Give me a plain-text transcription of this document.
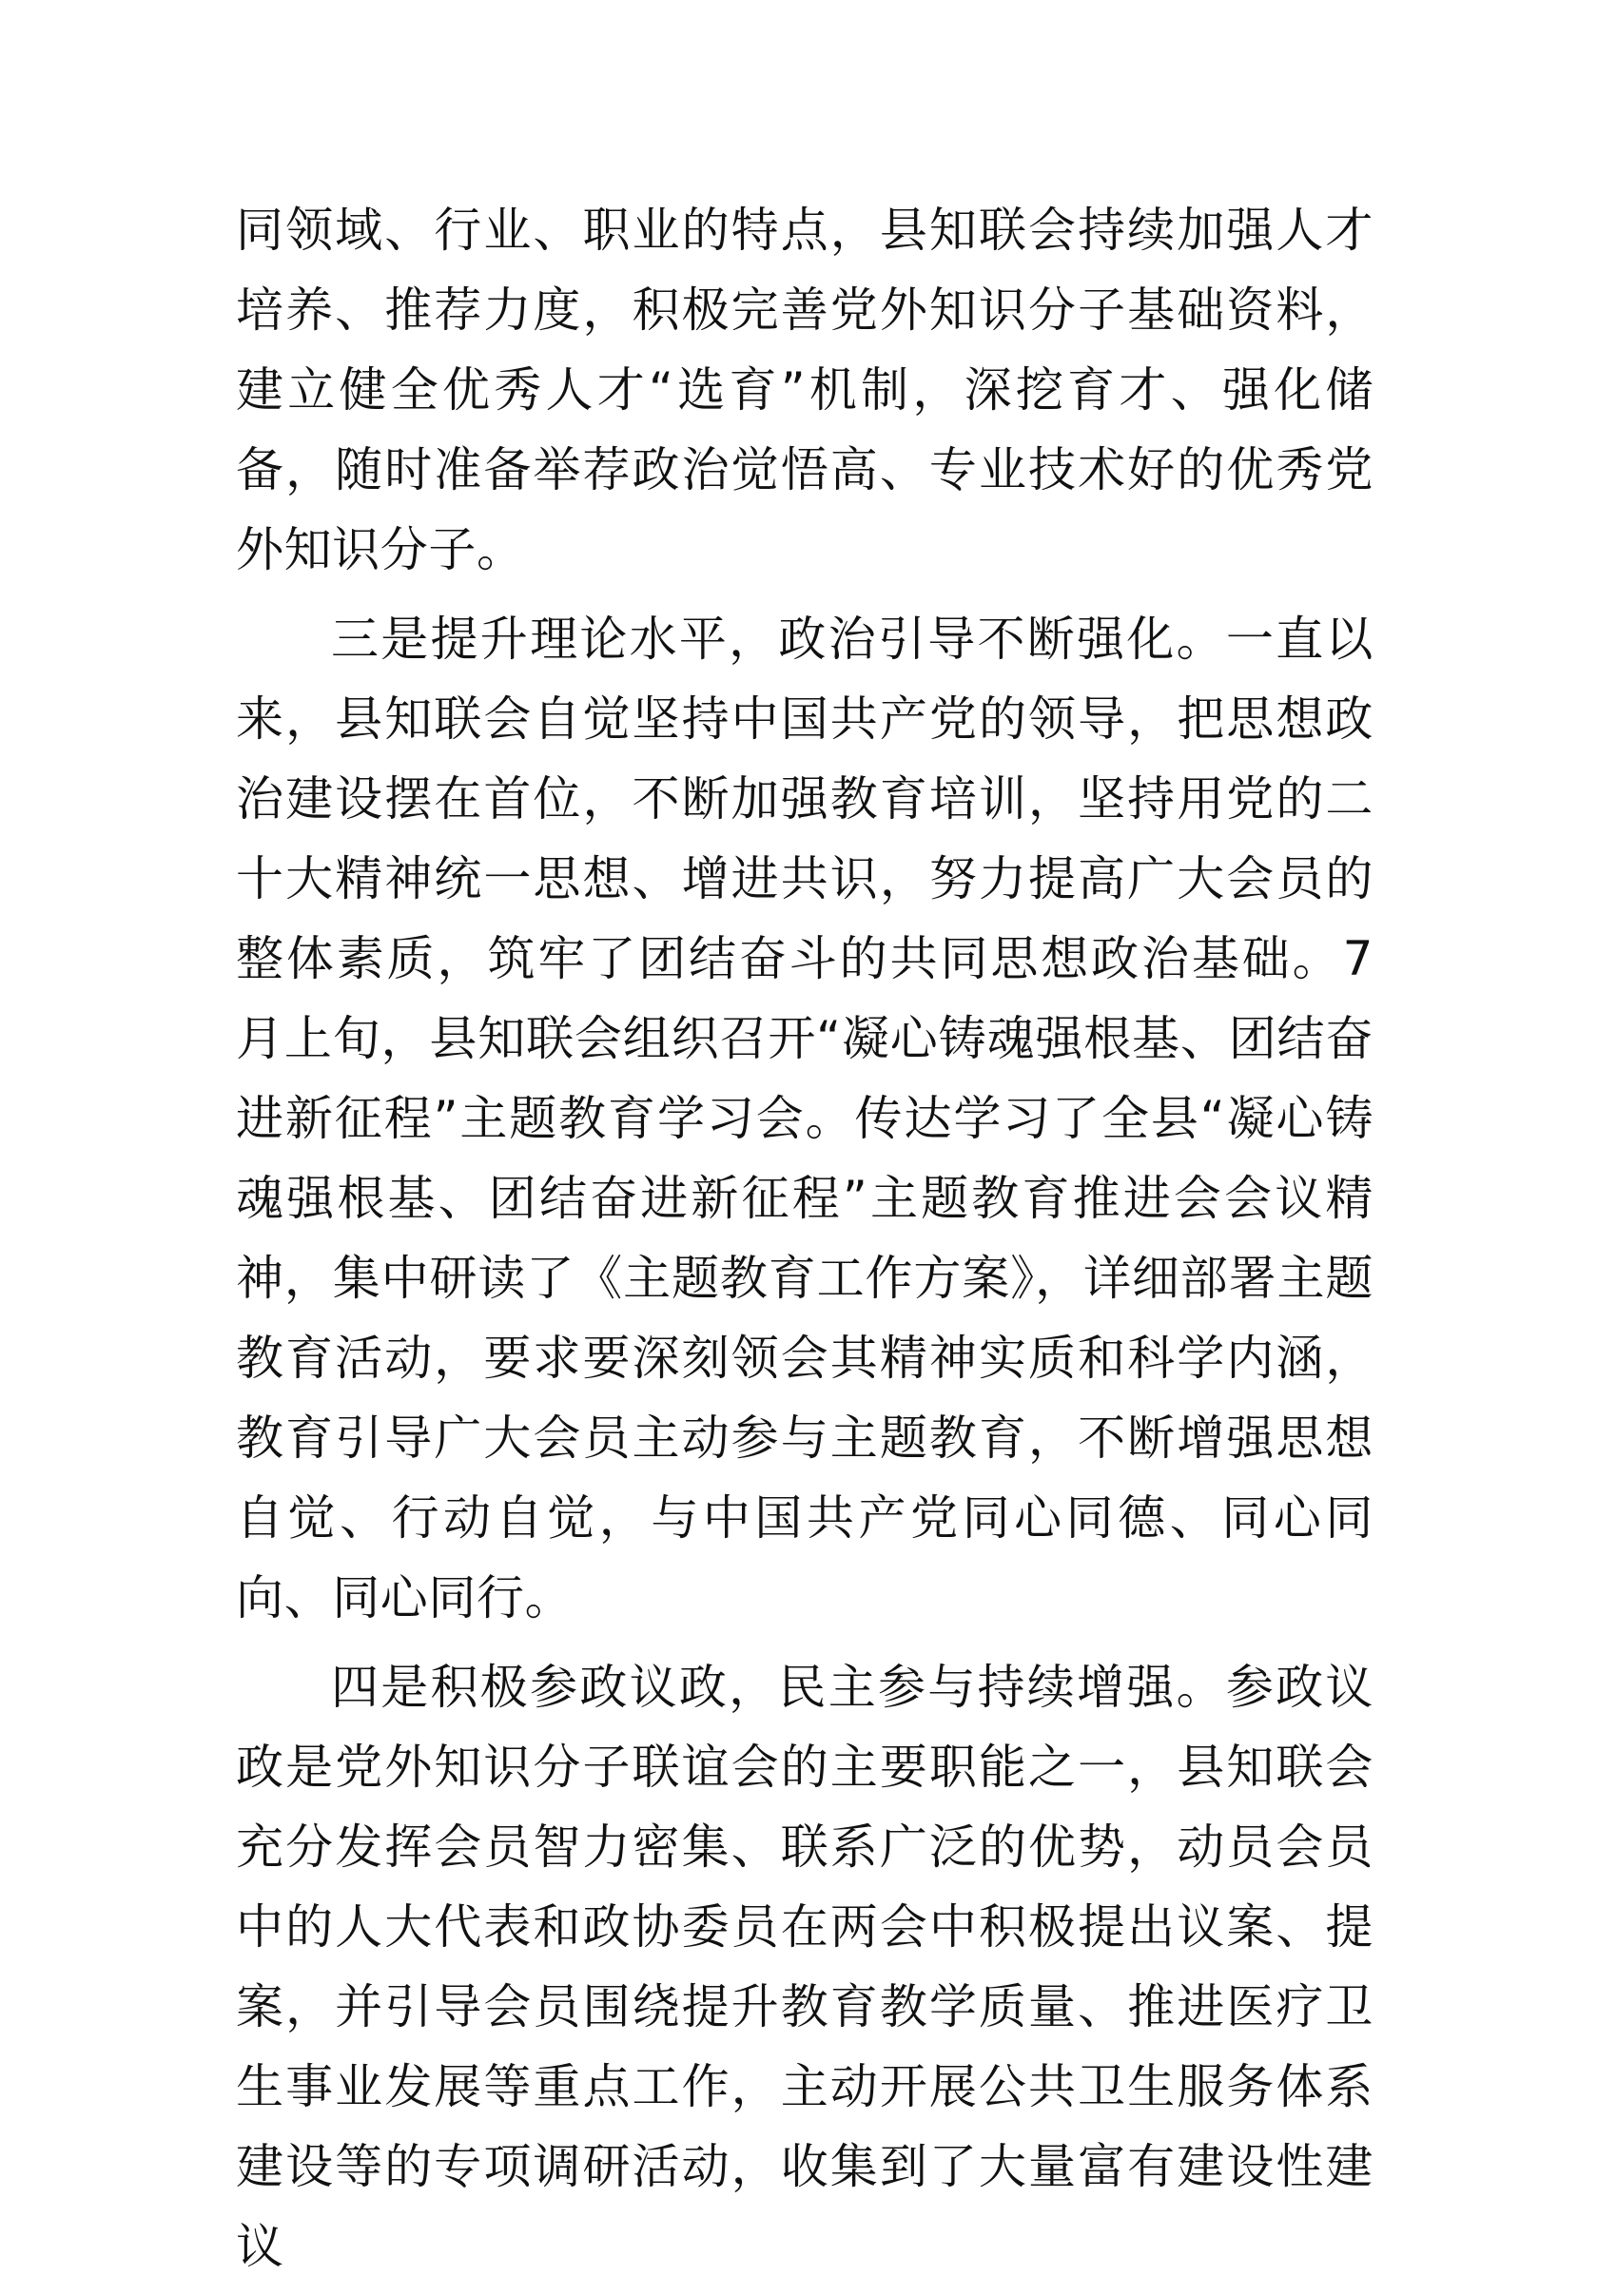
同领域、行业、职业的特点，县知联会持续加强人才培养、推荐力度，积极完善党外知识分子基础资料，建立健全优秀人才“选育”机制，深挖育才、强化储备，随时准备举荐政治觉悟高、专业技术好的优秀党外知识分子。

三是提升理论水平，政治引导不断强化。一直以来，县知联会自觉坚持中国共产党的领导，把思想政治建设摆在首位，不断加强教育培训，坚持用党的二十大精神统一思想、增进共识，努力提高广大会员的整体素质，筑牢了团结奋斗的共同思想政治基础。7 月上旬，县知联会组织召开“凝心铸魂强根基、团结奋进新征程”主题教育学习会。传达学习了全县“凝心铸魂强根基、团结奋进新征程”主题教育推进会会议精神，集中研读了《主题教育工作方案》，详细部署主题教育活动，要求要深刻领会其精神实质和科学内涵，教育引导广大会员主动参与主题教育，不断增强思想自觉、行动自觉，与中国共产党同心同德、同心同向、同心同行。

四是积极参政议政，民主参与持续增强。参政议政是党外知识分子联谊会的主要职能之一，县知联会充分发挥会员智力密集、联系广泛的优势，动员会员中的人大代表和政协委员在两会中积极提出议案、提案，并引导会员围绕提升教育教学质量、推进医疗卫生事业发展等重点工作，主动开展公共卫生服务体系建设等的专项调研活动，收集到了大量富有建设性建议
